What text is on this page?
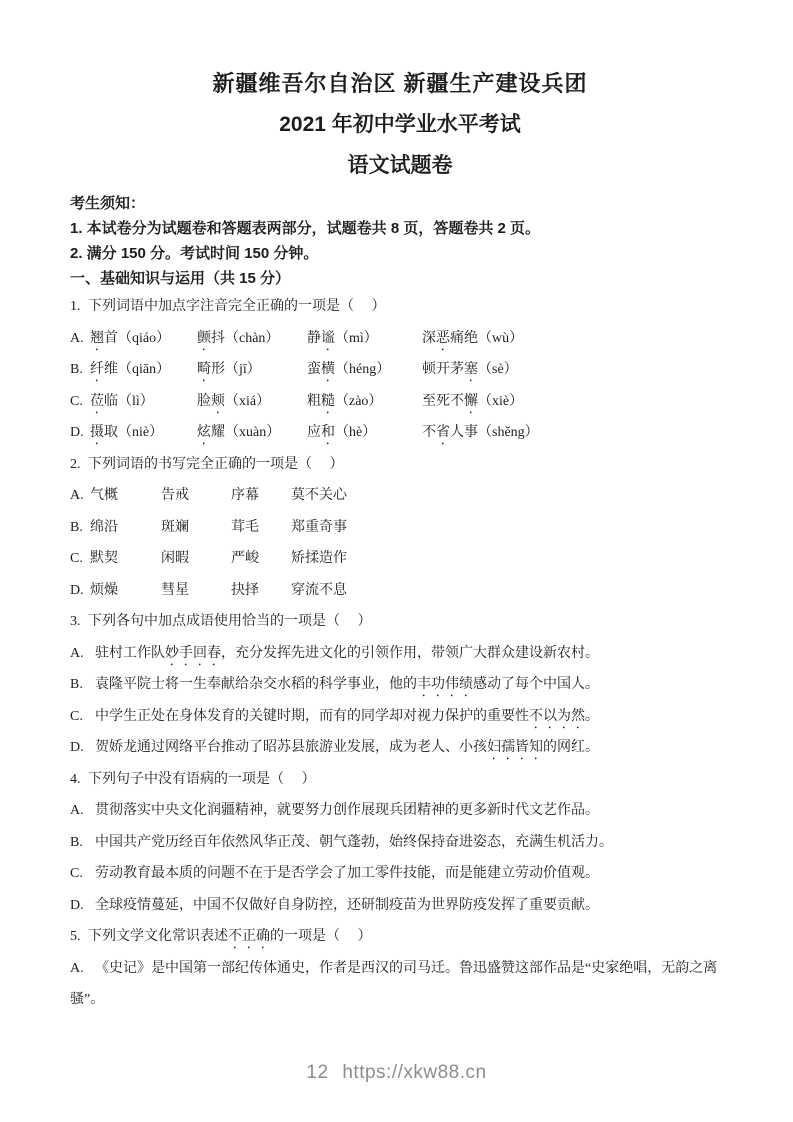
新疆维吾尔自治区 新疆生产建设兵团
2021 年初中学业水平考试
语文试题卷
考生须知：
1. 本试卷分为试题卷和答题表两部分，试题卷共 8 页，答题卷共 2 页。
2. 满分 150 分。考试时间 150 分钟。
一、基础知识与运用（共 15 分）

1. 下列词语中加点字注音完全正确的一项是（     ）

A. 翘首（qiáo） 颤抖（chàn） 静谧（mì）	深恶痛绝（wù）

B. 纤维（qiān） 畸形（jī）	蛮横（héng） 顿开茅塞（sè）

C. 莅临（lì）	脸颊（xiá）	粗糙（zào）	至死不懈（xiè）

D. 摄取（niè） 炫耀（xuàn） 应和（hè）	不省人事（shěng）

2. 下列词语的书写完全正确的一项是（     ）

A. 气概	告戒	序幕 莫不关心

B. 绵沿	斑斓	茸毛 郑重奇事

C. 默契	闲暇	严峻 矫揉造作

D. 烦燥	彗星	抉择 穿流不息

3. 下列各句中加点成语使用恰当的一项是（     ）

A. 驻村工作队妙手回春，充分发挥先进文化的引领作用，带领广大群众建设新农村。

B. 袁隆平院士将一生奉献给杂交水稻的科学事业，他的丰功伟绩感动了每个中国人。

C. 中学生正处在身体发育的关键时期，而有的同学却对视力保护的重要性不以为然。

D. 贺娇龙通过网络平台推动了昭苏县旅游业发展，成为老人、小孩妇孺皆知的网红。

4. 下列句子中没有语病的一项是（     ）

A. 贯彻落实中央文化润疆精神，就要努力创作展现兵团精神的更多新时代文艺作品。

B. 中国共产党历经百年依然风华正茂、朝气蓬勃，始终保持奋进姿态，充满生机活力。

C. 劳动教育最本质的问题不在于是否学会了加工零件技能，而是能建立劳动价值观。

D. 全球疫情蔓延，中国不仅做好自身防控，还研制疫苗为世界防疫发挥了重要贡献。

5. 下列文学文化常识表述不正确的一项是（     ）

A. 《史记》是中国第一部纪传体通史，作者是西汉的司马迁。鲁迅盛赞这部作品是“史家绝唱，无韵之离骚”。

12 https://xkw88.cn
